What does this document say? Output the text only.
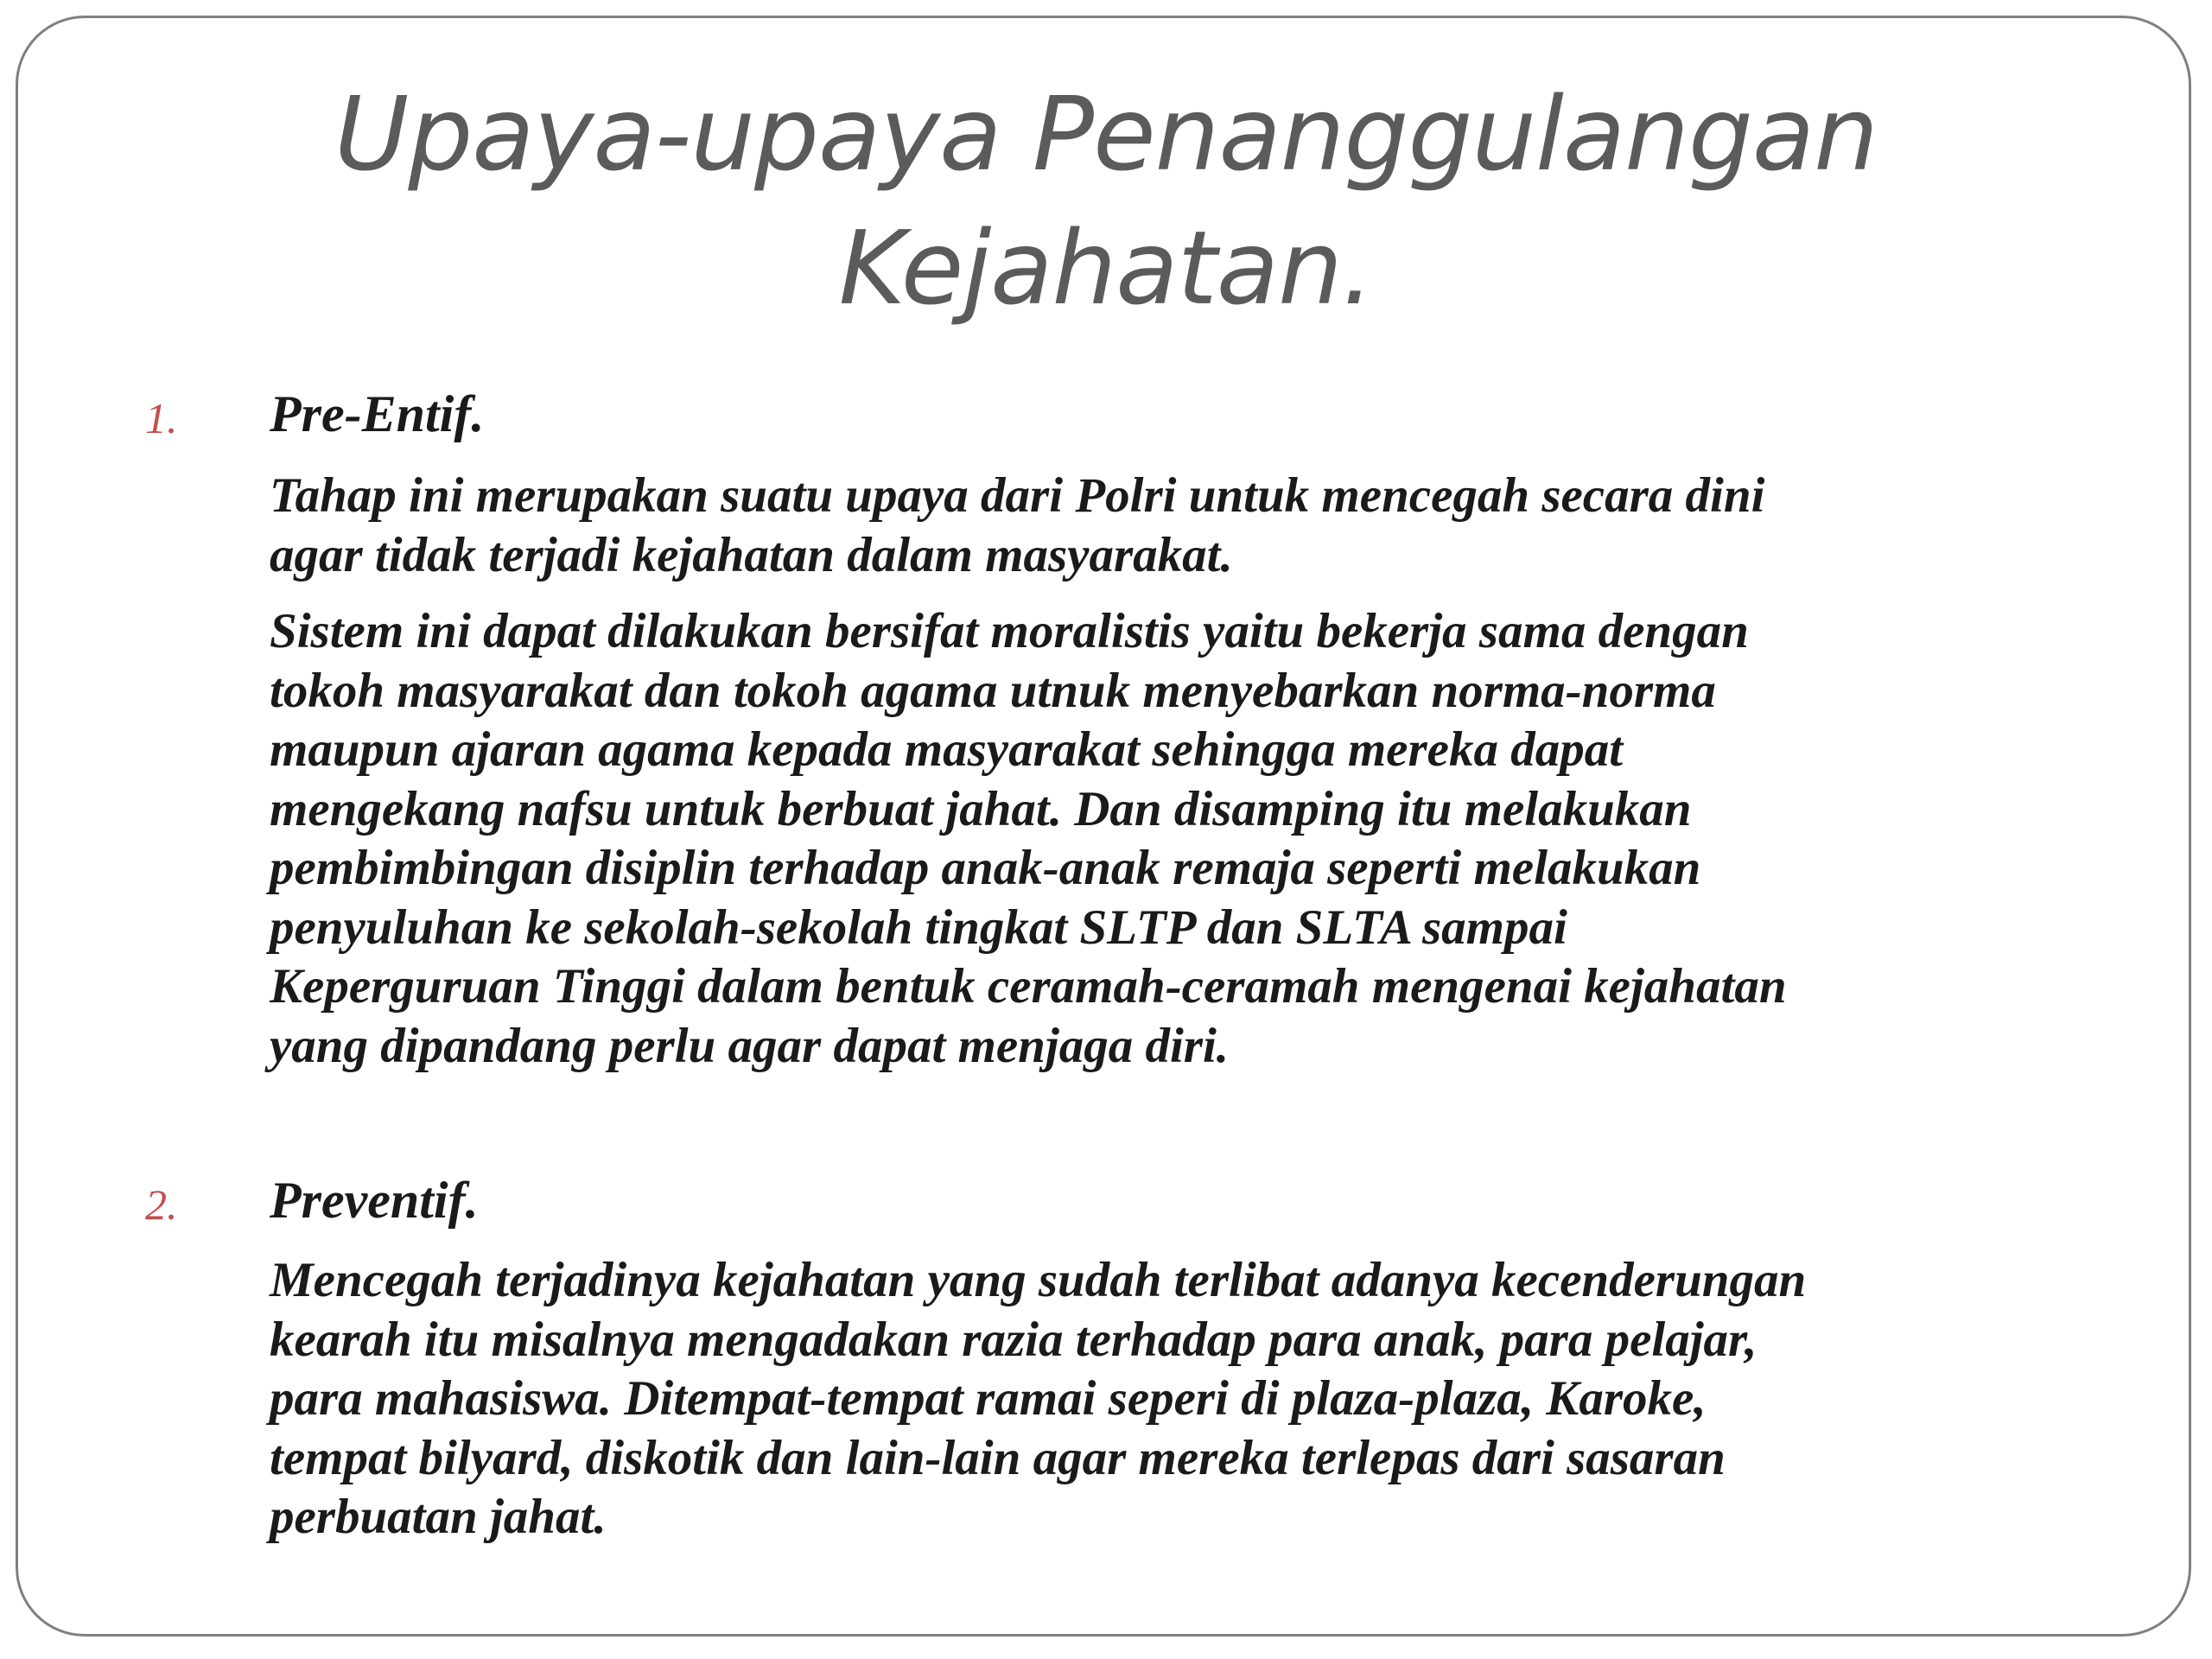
Upaya-upaya Penanggulangan
Kejahatan.
1. Pre-Entif.

Tahap ini merupakan suatu upaya dari Polri untuk mencegah secara dini
agar tidak terjadi kejahatan dalam masyarakat.

Sistem ini dapat dilakukan bersifat moralistis yaitu bekerja sama dengan
tokoh masyarakat dan tokoh agama utnuk menyebarkan norma-norma
maupun ajaran agama kepada masyarakat sehingga mereka dapat
mengekang nafsu untuk berbuat jahat. Dan disamping itu melakukan
pembimbingan disiplin terhadap anak-anak remaja seperti melakukan
penyuluhan ke sekolah-sekolah tingkat SLTP dan SLTA sampai
Keperguruan Tinggi dalam bentuk ceramah-ceramah mengenai kejahatan
yang dipandang perlu agar dapat menjaga diri.

2. Preventif.

Mencegah terjadinya kejahatan yang sudah terlibat adanya kecenderungan
kearah itu misalnya mengadakan razia terhadap para anak, para pelajar,
para mahasiswa. Ditempat-tempat ramai seperi di plaza-plaza, Karoke,
tempat bilyard, diskotik dan lain-lain agar mereka terlepas dari sasaran
perbuatan jahat.
